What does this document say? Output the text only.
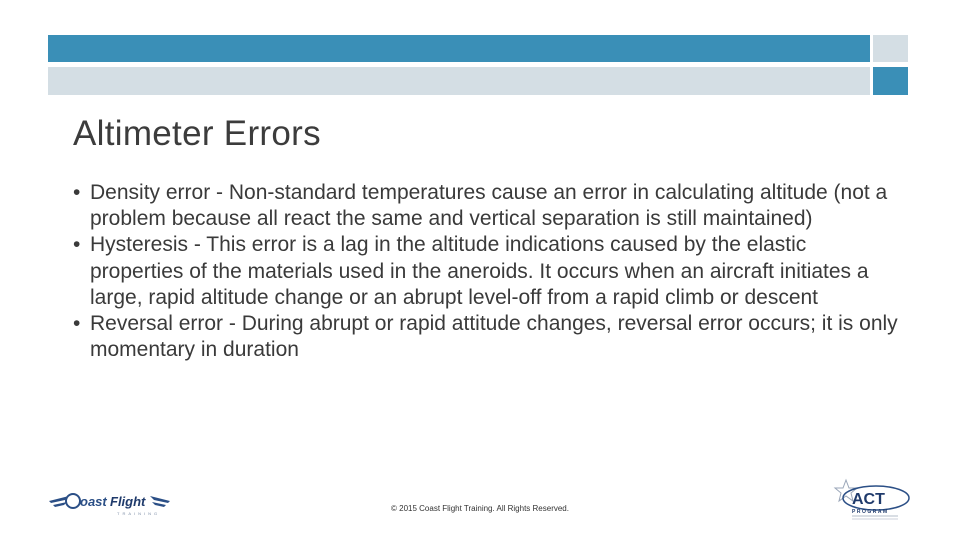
Altimeter Errors
• Density error - Non-standard temperatures cause an error in calculating altitude (not a problem because all react the same and vertical separation is still maintained)
• Hysteresis - This error is a lag in the altitude indications caused by the elastic properties of the materials used in the aneroids. It occurs when an aircraft initiates a large, rapid altitude change or an abrupt level-off from a rapid climb or descent
• Reversal error - During abrupt or rapid attitude changes, reversal error occurs; it is only momentary in duration
oast Flight
TRAINING
© 2015 Coast Flight Training. All Rights Reserved.
ACT
PROGRAM
